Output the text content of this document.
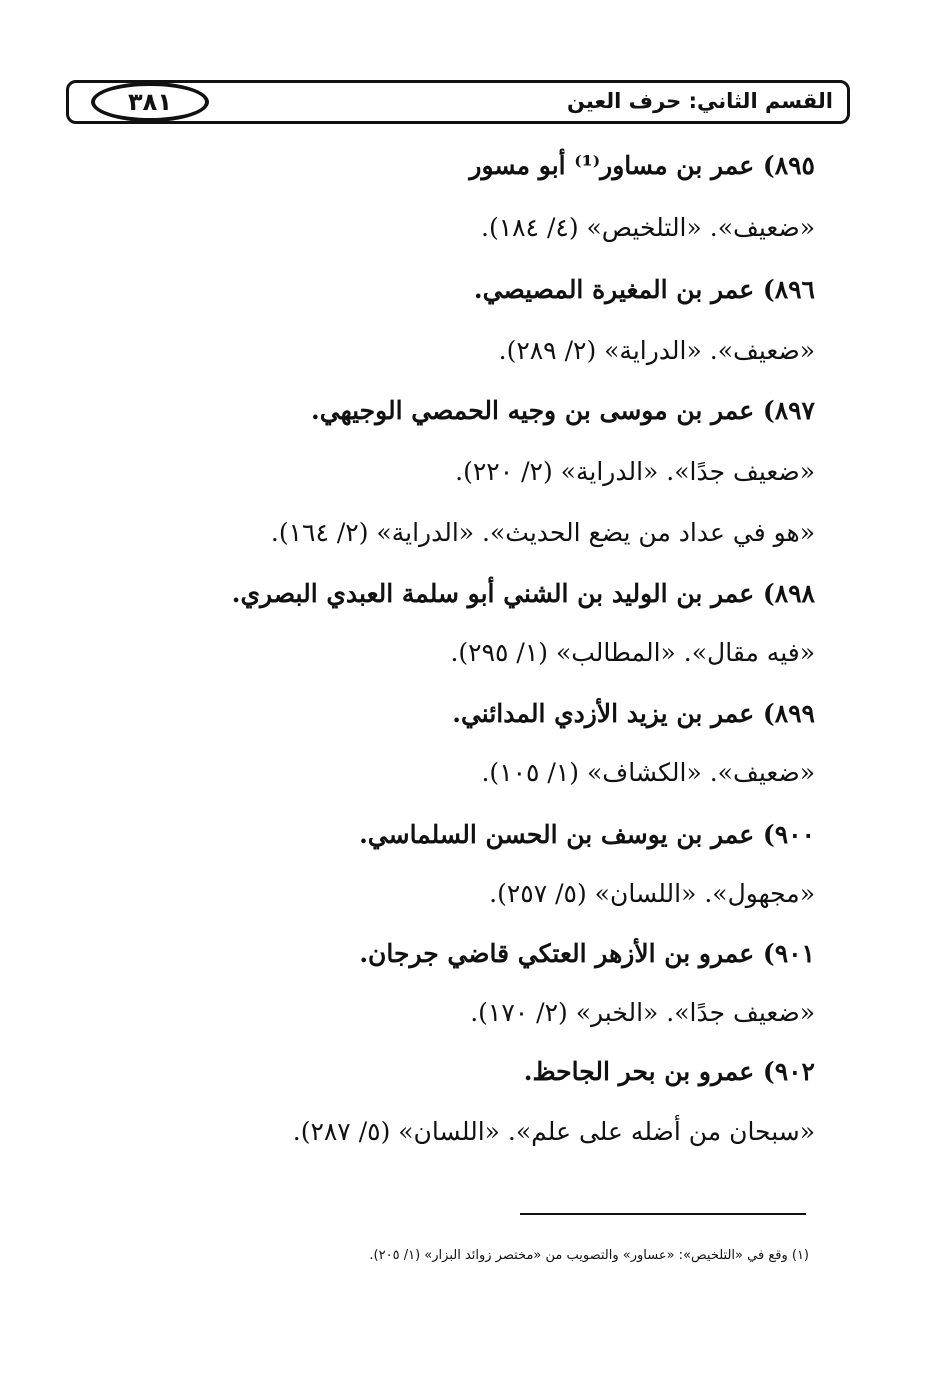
القسم الثاني: حرف العين
٣٨١
٨٩٥) عمر بن مساور⁽¹⁾ أبو مسور
«ضعيف». «التلخيص» (٤/ ١٨٤).
٨٩٦) عمر بن المغيرة المصيصي.
«ضعيف». «الدراية» (٢/ ٢٨٩).
٨٩٧) عمر بن موسى بن وجيه الحمصي الوجيهي.
«ضعيف جدًا». «الدراية» (٢/ ٢٢٠).
«هو في عداد من يضع الحديث». «الدراية» (٢/ ١٦٤).
٨٩٨) عمر بن الوليد بن الشني أبو سلمة العبدي البصري.
«فيه مقال». «المطالب» (١/ ٢٩٥).
٨٩٩) عمر بن يزيد الأزدي المدائني.
«ضعيف». «الكشاف» (١/ ١٠٥).
٩٠٠) عمر بن يوسف بن الحسن السلماسي.
«مجهول». «اللسان» (٥/ ٢٥٧).
٩٠١) عمرو بن الأزهر العتكي قاضي جرجان.
«ضعيف جدًا». «الخبر» (٢/ ١٧٠).
٩٠٢) عمرو بن بحر الجاحظ.
«سبحان من أضله على علم». «اللسان» (٥/ ٢٨٧).
(١) وقع في «التلخيص»: «عساور» والتصويب من «مختصر زوائد البزار» (١/ ٢٠٥).
